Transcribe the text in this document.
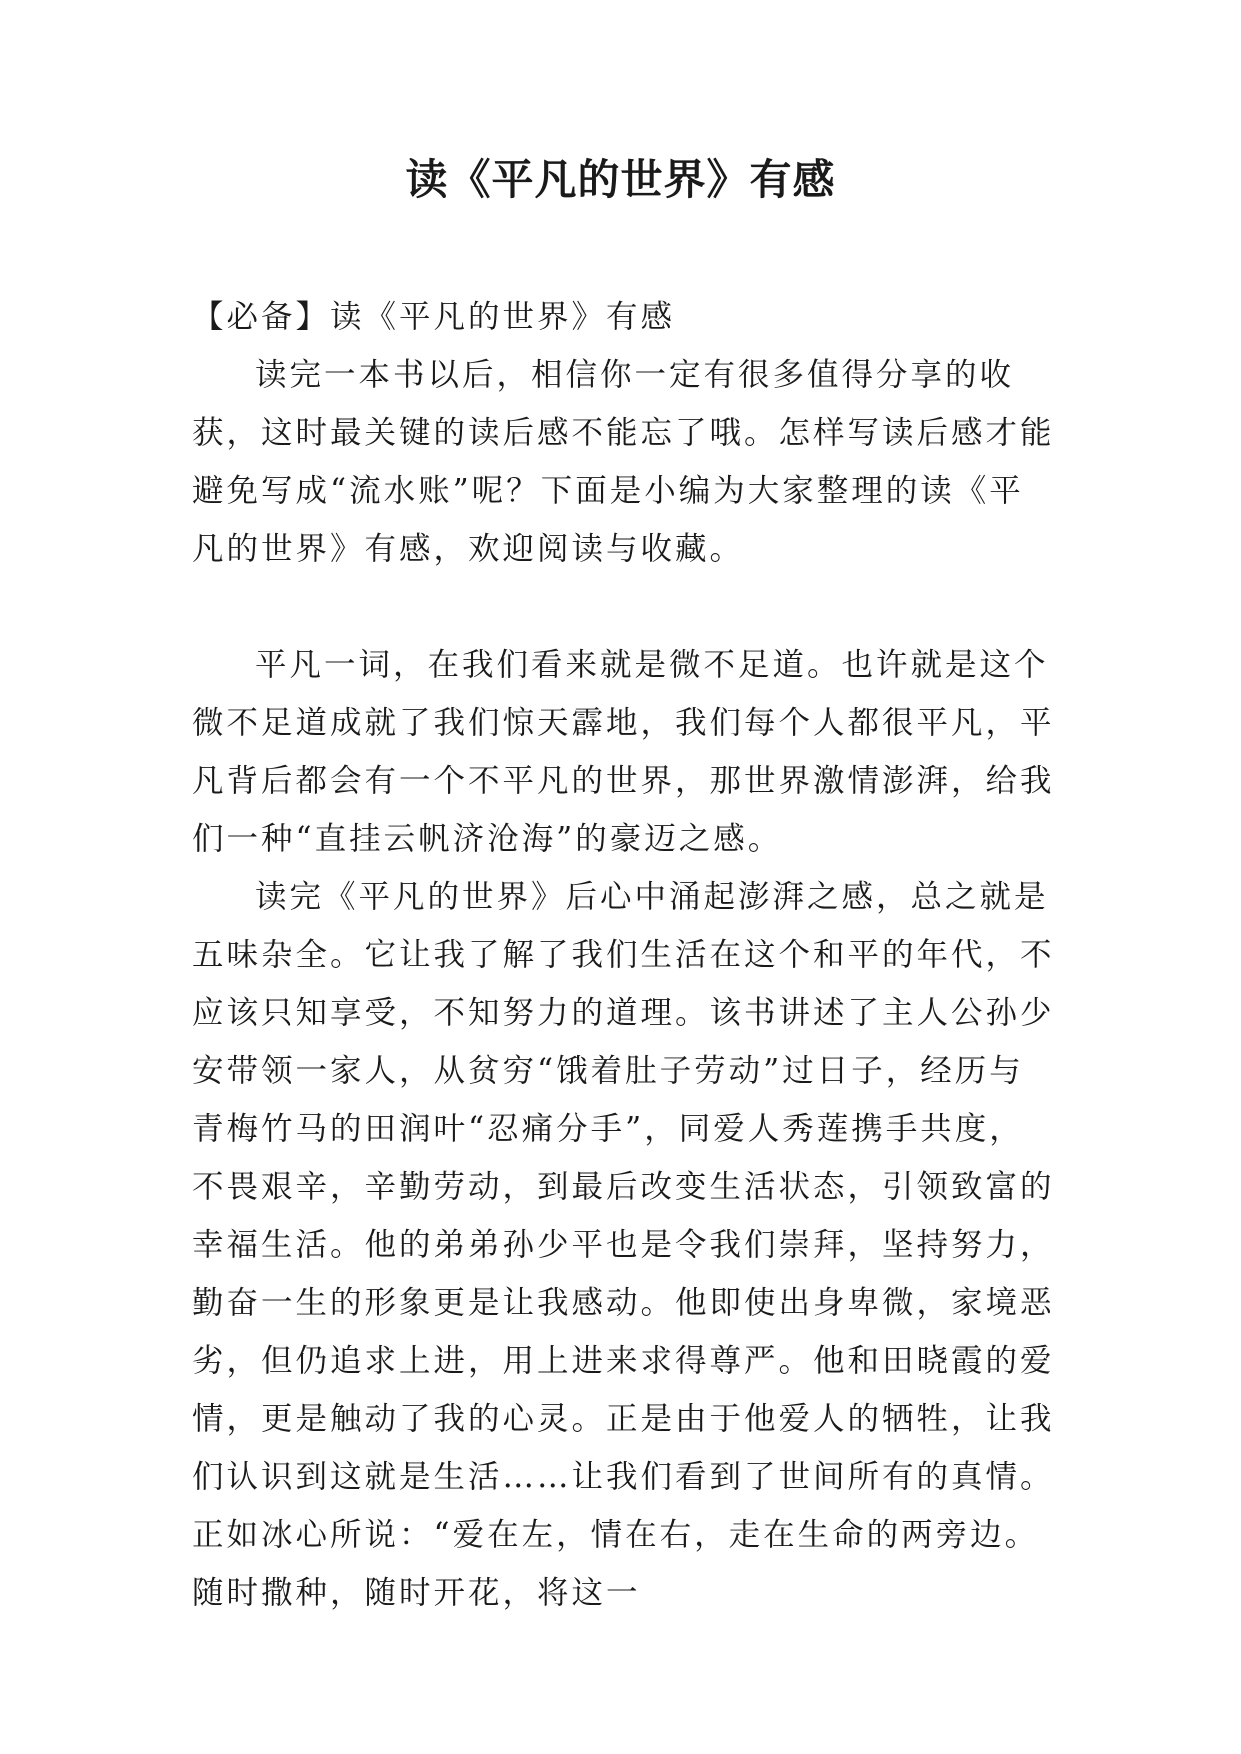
读《平凡的世界》有感

【必备】读《平凡的世界》有感

读完一本书以后，相信你一定有很多值得分享的收获，这时最关键的读后感不能忘了哦。怎样写读后感才能避免写成“流水账”呢？下面是小编为大家整理的读《平凡的世界》有感，欢迎阅读与收藏。

平凡一词，在我们看来就是微不足道。也许就是这个微不足道成就了我们惊天霹地，我们每个人都很平凡，平凡背后都会有一个不平凡的世界，那世界激情澎湃，给我们一种“直挂云帆济沧海”的豪迈之感。

读完《平凡的世界》后心中涌起澎湃之感，总之就是五味杂全。它让我了解了我们生活在这个和平的年代，不应该只知享受，不知努力的道理。该书讲述了主人公孙少安带领一家人，从贫穷“饿着肚子劳动”过日子，经历与青梅竹马的田润叶“忍痛分手”，同爱人秀莲携手共度，不畏艰辛，辛勤劳动，到最后改变生活状态，引领致富的幸福生活。他的弟弟孙少平也是令我们崇拜，坚持努力，勤奋一生的形象更是让我感动。他即使出身卑微，家境恶劣，但仍追求上进，用上进来求得尊严。他和田晓霞的爱情，更是触动了我的心灵。正是由于他爱人的牺牲，让我们认识到这就是生活……让我们看到了世间所有的真情。正如冰心所说：“爱在左，情在右，走在生命的两旁边。随时撒种，随时开花，将这一
